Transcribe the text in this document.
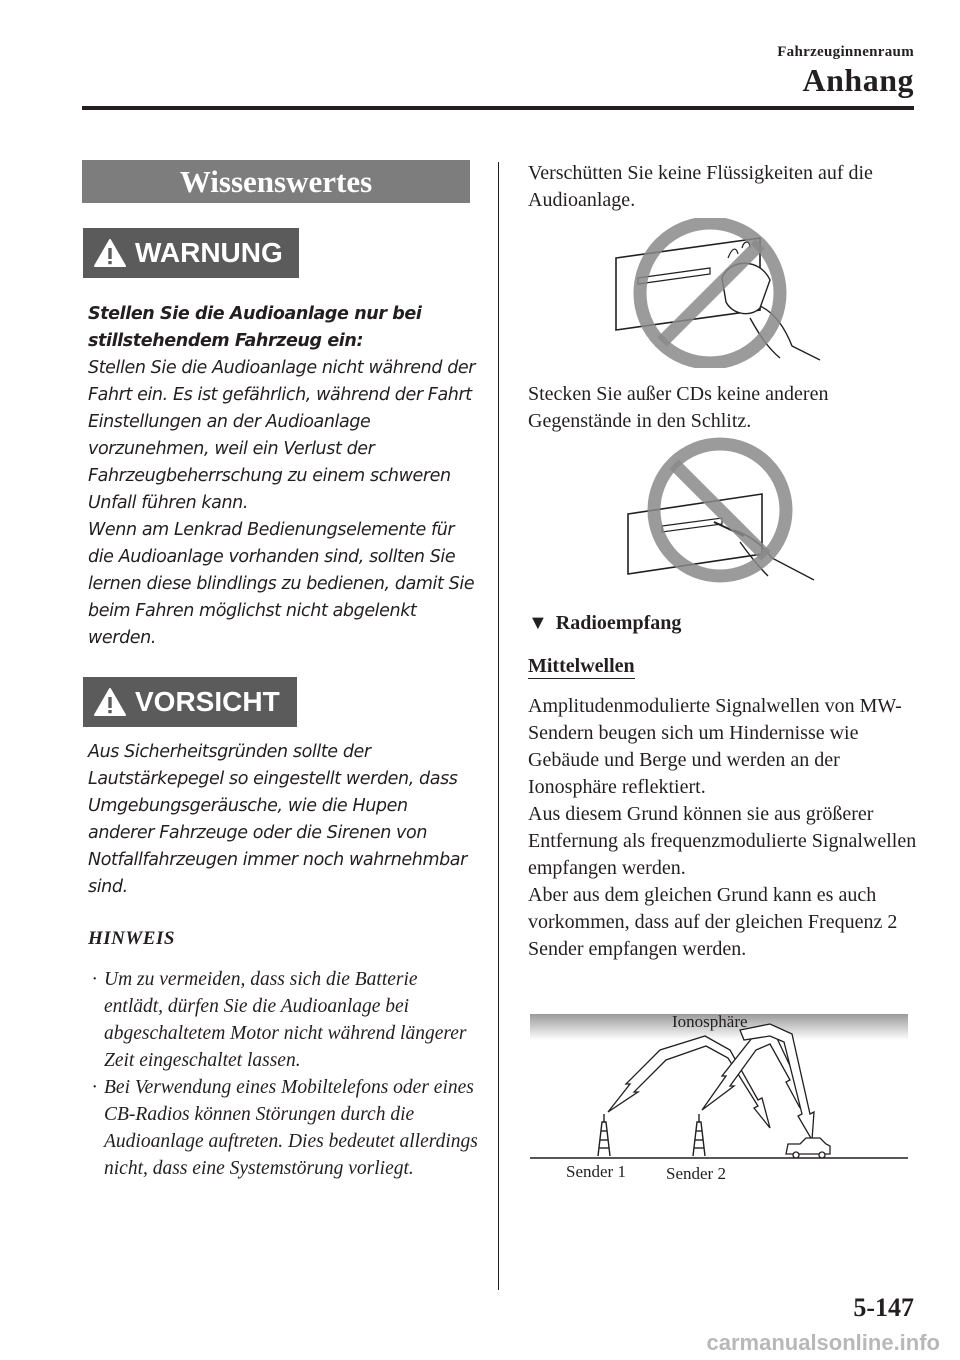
Fahrzeuginnenraum
Anhang
Wissenswertes
WARNUNG
Stellen Sie die Audioanlage nur bei stillstehendem Fahrzeug ein:
Stellen Sie die Audioanlage nicht während der Fahrt ein. Es ist gefährlich, während der Fahrt Einstellungen an der Audioanlage vorzunehmen, weil ein Verlust der Fahrzeugbeherrschung zu einem schweren Unfall führen kann.
Wenn am Lenkrad Bedienungselemente für die Audioanlage vorhanden sind, sollten Sie lernen diese blindlings zu bedienen, damit Sie beim Fahren möglichst nicht abgelenkt werden.
VORSICHT
Aus Sicherheitsgründen sollte der Lautstärkepegel so eingestellt werden, dass Umgebungsgeräusche, wie die Hupen anderer Fahrzeuge oder die Sirenen von Notfallfahrzeugen immer noch wahrnehmbar sind.
HINWEIS
· Um zu vermeiden, dass sich die Batterie entlädt, dürfen Sie die Audioanlage bei abgeschaltetem Motor nicht während längerer Zeit eingeschaltet lassen.
· Bei Verwendung eines Mobiltelefons oder eines CB-Radios können Störungen durch die Audioanlage auftreten. Dies bedeutet allerdings nicht, dass eine Systemstörung vorliegt.
Verschütten Sie keine Flüssigkeiten auf die Audioanlage.
Stecken Sie außer CDs keine anderen Gegenstände in den Schlitz.
▼ Radioempfang
Mittelwellen
Amplitudenmodulierte Signalwellen von MW-Sendern beugen sich um Hindernisse wie Gebäude und Berge und werden an der Ionosphäre reflektiert.
Aus diesem Grund können sie aus größerer Entfernung als frequenzmodulierte Signalwellen empfangen werden.
Aber aus dem gleichen Grund kann es auch vorkommen, dass auf der gleichen Frequenz 2 Sender empfangen werden.
Ionosphäre
Sender 1 Sender 2
5-147
carmanualsonline.info
